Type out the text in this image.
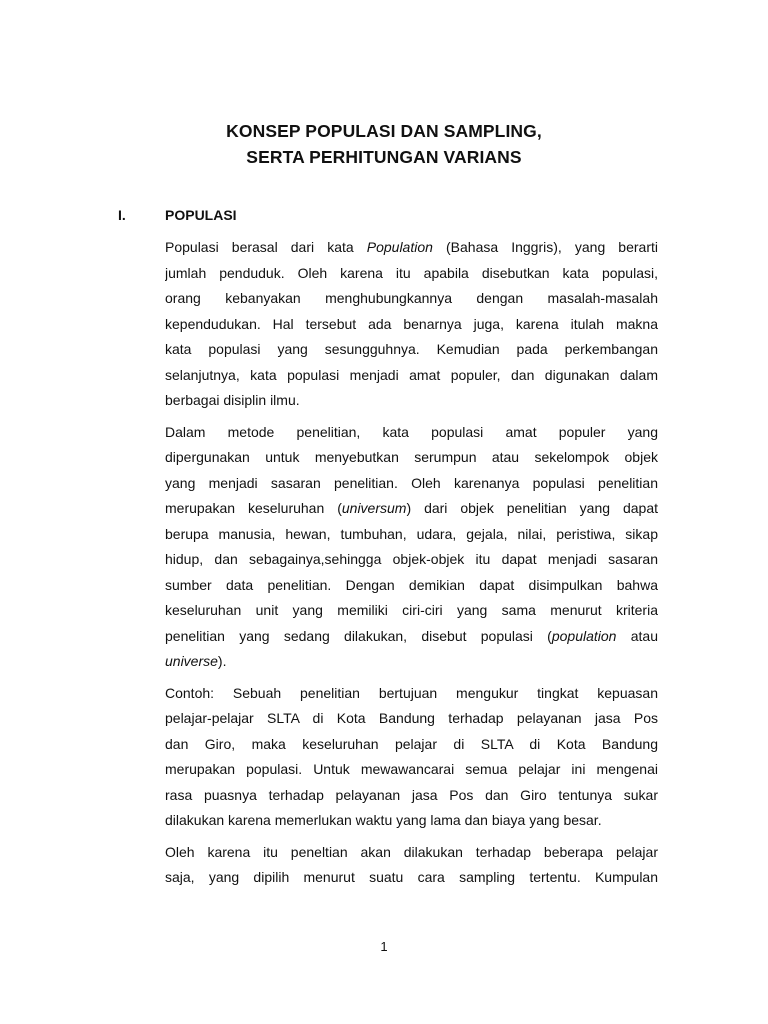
KONSEP POPULASI DAN SAMPLING,
SERTA PERHITUNGAN VARIANS
I.	POPULASI
Populasi berasal dari kata Population (Bahasa Inggris), yang berarti
jumlah penduduk. Oleh karena itu apabila disebutkan kata populasi,
orang kebanyakan menghubungkannya dengan masalah-masalah
kependudukan. Hal tersebut ada benarnya juga, karena itulah makna
kata populasi yang sesungguhnya. Kemudian pada perkembangan
selanjutnya, kata populasi menjadi amat populer, dan digunakan dalam
berbagai disiplin ilmu.
Dalam metode penelitian, kata populasi amat populer yang
dipergunakan untuk menyebutkan serumpun atau sekelompok objek
yang menjadi sasaran penelitian. Oleh karenanya populasi penelitian
merupakan keseluruhan (universum) dari objek penelitian yang dapat
berupa manusia, hewan, tumbuhan, udara, gejala, nilai, peristiwa, sikap
hidup, dan sebagainya,sehingga objek-objek itu dapat menjadi sasaran
sumber data penelitian. Dengan demikian dapat disimpulkan bahwa
keseluruhan unit yang memiliki ciri-ciri yang sama menurut kriteria
penelitian yang sedang dilakukan, disebut populasi (population atau
universe).
Contoh: Sebuah penelitian bertujuan mengukur tingkat kepuasan
pelajar-pelajar SLTA di Kota Bandung terhadap pelayanan jasa Pos
dan Giro, maka keseluruhan pelajar di SLTA di Kota Bandung
merupakan populasi. Untuk mewawancarai semua pelajar ini mengenai
rasa puasnya terhadap pelayanan jasa Pos dan Giro tentunya sukar
dilakukan karena memerlukan waktu yang lama dan biaya yang besar.
Oleh karena itu peneltian akan dilakukan terhadap beberapa pelajar
saja, yang dipilih menurut suatu cara sampling tertentu. Kumpulan
1
